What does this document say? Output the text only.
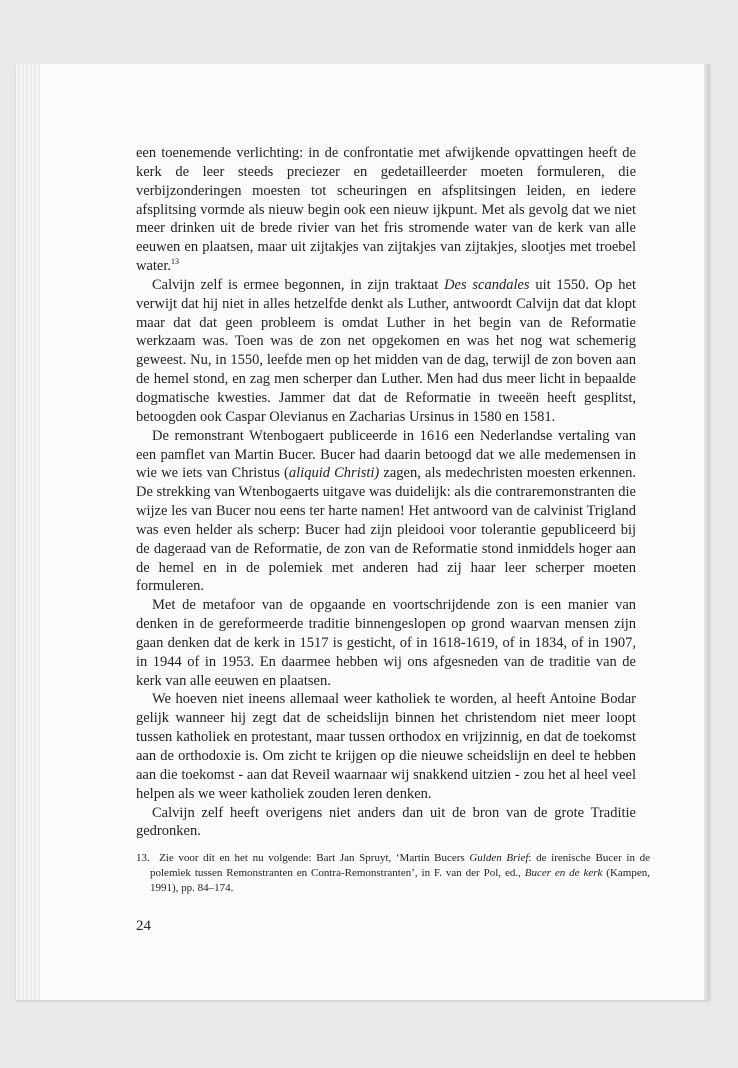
een toenemende verlichting: in de confrontatie met afwijkende opvattingen heeft de kerk de leer steeds preciezer en gedetailleerder moeten formuleren, die verbijzonderingen moesten tot scheuringen en afsplitsingen leiden, en iedere afsplitsing vormde als nieuw begin ook een nieuw ijkpunt. Met als gevolg dat we niet meer drinken uit de brede rivier van het fris stromende water van de kerk van alle eeuwen en plaatsen, maar uit zijtakjes van zijtakjes van zijtakjes, slootjes met troebel water.$^{13}$

Calvijn zelf is ermee begonnen, in zijn traktaat Des scandales uit 1550. Op het verwijt dat hij niet in alles hetzelfde denkt als Luther, antwoordt Calvijn dat dat klopt maar dat dat geen probleem is omdat Luther in het begin van de Reformatie werkzaam was. Toen was de zon net opgekomen en was het nog wat schemerig geweest. Nu, in 1550, leefde men op het midden van de dag, terwijl de zon boven aan de hemel stond, en zag men scherper dan Luther. Men had dus meer licht in bepaalde dogmatische kwesties. Jammer dat dat de Reformatie in tweeën heeft gesplitst, betoogden ook Caspar Olevianus en Zacharias Ursinus in 1580 en 1581.

De remonstrant Wtenbogaert publiceerde in 1616 een Nederlandse vertaling van een pamflet van Martin Bucer. Bucer had daarin betoogd dat we alle medemensen in wie we iets van Christus (aliquid Christi) zagen, als medechristen moesten erkennen. De strekking van Wtenbogaerts uitgave was duidelijk: als die contraremonstranten die wijze les van Bucer nou eens ter harte namen! Het antwoord van de calvinist Trigland was even helder als scherp: Bucer had zijn pleidooi voor tolerantie gepubliceerd bij de dageraad van de Reformatie, de zon van de Reformatie stond inmiddels hoger aan de hemel en in de polemiek met anderen had zij haar leer scherper moeten formuleren.

Met de metafoor van de opgaande en voortschrijdende zon is een manier van denken in de gereformeerde traditie binnengeslopen op grond waarvan mensen zijn gaan denken dat de kerk in 1517 is gesticht, of in 1618-1619, of in 1834, of in 1907, in 1944 of in 1953. En daarmee hebben wij ons afgesneden van de traditie van de kerk van alle eeuwen en plaatsen.

We hoeven niet ineens allemaal weer katholiek te worden, al heeft Antoine Bodar gelijk wanneer hij zegt dat de scheidslijn binnen het christendom niet meer loopt tussen katholiek en protestant, maar tussen orthodox en vrijzinnig, en dat de toekomst aan de orthodoxie is. Om zicht te krijgen op die nieuwe scheidslijn en deel te hebben aan die toekomst - aan dat Reveil waarnaar wij snakkend uitzien - zou het al heel veel helpen als we weer katholiek zouden leren denken.

Calvijn zelf heeft overigens niet anders dan uit de bron van de grote Traditie gedronken.

13. Zie voor dit en het nu volgende: Bart Jan Spruyt, ‘Martin Bucers Gulden Brief: de irenische Bucer in de polemiek tussen Remonstranten en Contra-Remonstranten’, in F. van der Pol, ed., Bucer en de kerk (Kampen, 1991), pp. 84–174.
24
